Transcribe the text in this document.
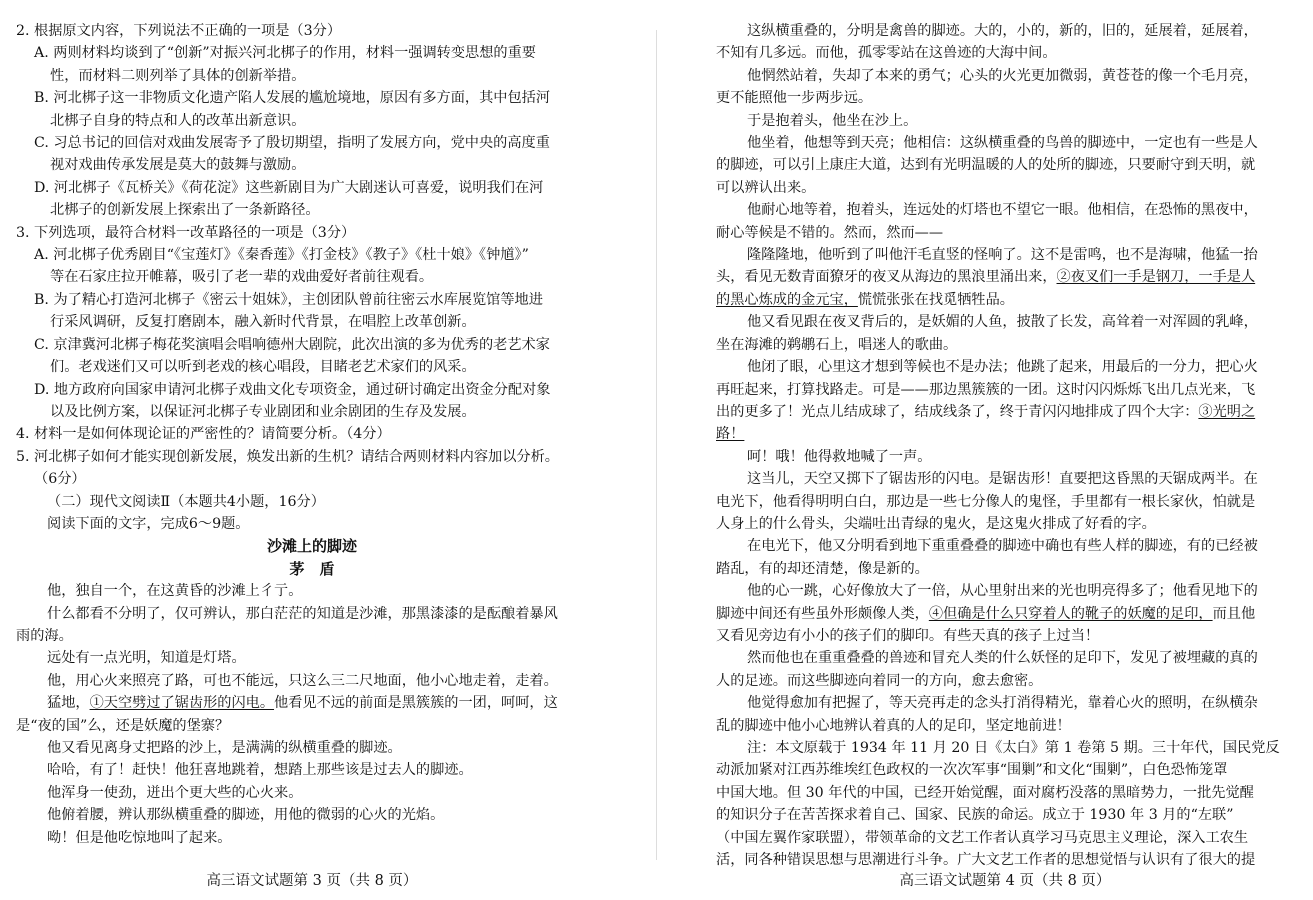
2. 根据原文内容，下列说法不正确的一项是（3分）
A. 两则材料均谈到了“创新”对振兴河北梆子的作用，材料一强调转变思想的重要
性，而材料二则列举了具体的创新举措。
B. 河北梆子这一非物质文化遗产陷人发展的尴尬境地，原因有多方面，其中包括河
北梆子自身的特点和人的改革出新意识。
C. 习总书记的回信对戏曲发展寄予了殷切期望，指明了发展方向，党中央的高度重
视对戏曲传承发展是莫大的鼓舞与激励。
D. 河北梆子《瓦桥关》《荷花淀》这些新剧目为广大剧迷认可喜爱，说明我们在河
北梆子的创新发展上探索出了一条新路径。
3. 下列选项，最符合材料一改革路径的一项是（3分）
A. 河北梆子优秀剧目“《宝莲灯》《秦香莲》《打金枝》《教子》《杜十娘》《钟馗》”
等在石家庄拉开帷幕，吸引了老一辈的戏曲爱好者前往观看。
B. 为了精心打造河北梆子《密云十姐妹》，主创团队曾前往密云水库展览馆等地进
行采风调研，反复打磨剧本，融入新时代背景，在唱腔上改革创新。
C. 京津冀河北梆子梅花奖演唱会唱响德州大剧院，此次出演的多为优秀的老艺术家
们。老戏迷们又可以听到老戏的核心唱段，目睹老艺术家们的风采。
D. 地方政府向国家申请河北梆子戏曲文化专项资金，通过研讨确定出资金分配对象
以及比例方案，以保证河北梆子专业剧团和业余剧团的生存及发展。
4. 材料一是如何体现论证的严密性的？请简要分析。（4分）
5. 河北梆子如何才能实现创新发展，焕发出新的生机？请结合两则材料内容加以分析。
（6分）
（二）现代文阅读Ⅱ（本题共4小题，16分）
阅读下面的文字，完成6～9题。
沙滩上的脚迹
茅　盾
他，独自一个，在这黄昏的沙滩上彳亍。
什么都看不分明了，仅可辨认，那白茫茫的知道是沙滩，那黑漆漆的是酝酿着暴风
雨的海。
远处有一点光明，知道是灯塔。
他，用心火来照亮了路，可也不能远，只这么三二尺地面，他小心地走着，走着。
猛地，①天空劈过了锯齿形的闪电。他看见不远的前面是黑簇簇的一团，呵呵，这
是“夜的国”么，还是妖魔的堡寨？
他又看见离身丈把路的沙上，是满满的纵横重叠的脚迹。
哈哈，有了！赶快！他狂喜地跳着，想踏上那些该是过去人的脚迹。
他浑身一使劲，迸出个更大些的心火来。
他俯着腰，辨认那纵横重叠的脚迹，用他的微弱的心火的光焰。
呦！但是他吃惊地叫了起来。
高三语文试题第 3 页（共 8 页）
这纵横重叠的，分明是禽兽的脚迹。大的，小的，新的，旧的，延展着，延展着，
不知有几多远。而他，孤零零站在这兽迹的大海中间。
他惘然站着，失却了本来的勇气；心头的火光更加微弱，黄苍苍的像一个毛月亮，
更不能照他一步两步远。
于是抱着头，他坐在沙上。
他坐着，他想等到天亮；他相信：这纵横重叠的鸟兽的脚迹中，一定也有一些是人
的脚迹，可以引上康庄大道，达到有光明温暖的人的处所的脚迹，只要耐守到天明，就
可以辨认出来。
他耐心地等着，抱着头，连远处的灯塔也不望它一眼。他相信，在恐怖的黑夜中，
耐心等候是不错的。然而，然而——
隆隆隆地，他听到了叫他汗毛直竖的怪响了。这不是雷鸣，也不是海啸，他猛一抬
头，看见无数青面獠牙的夜叉从海边的黑浪里涌出来，②夜叉们一手是钢刀，一手是人
的黑心炼成的金元宝，慌慌张张在找觅牺牲品。
他又看见跟在夜叉背后的，是妖媚的人鱼，披散了长发，高耸着一对浑圆的乳峰，
坐在海滩的鹈鹕石上，唱迷人的歌曲。
他闭了眼，心里这才想到等候也不是办法；他跳了起来，用最后的一分力，把心火
再旺起来，打算找路走。可是——那边黑簇簇的一团。这时闪闪烁烁飞出几点光来，飞
出的更多了！光点儿结成球了，结成线条了，终于青闪闪地排成了四个大字：③光明之
路！
呵！哦！他得救地喊了一声。
这当儿，天空又掷下了锯齿形的闪电。是锯齿形！直要把这昏黑的天锯成两半。在
电光下，他看得明明白白，那边是一些七分像人的鬼怪，手里都有一根长家伙，怕就是
人身上的什么骨头，尖端吐出青绿的鬼火，是这鬼火排成了好看的字。
在电光下，他又分明看到地下重重叠叠的脚迹中确也有些人样的脚迹，有的已经被
踏乱，有的却还清楚，像是新的。
他的心一跳，心好像放大了一倍，从心里射出来的光也明亮得多了；他看见地下的
脚迹中间还有些虽外形颇像人类，④但确是什么只穿着人的靴子的妖魔的足印，而且他
又看见旁边有小小的孩子们的脚印。有些天真的孩子上过当！
然而他也在重重叠叠的兽迹和冒充人类的什么妖怪的足印下，发见了被埋藏的真的
人的足迹。而这些脚迹向着同一的方向，愈去愈密。
他觉得愈加有把握了，等天亮再走的念头打消得精光，靠着心火的照明，在纵横杂
乱的脚迹中他小心地辨认着真的人的足印，坚定地前进！
注：本文原载于 1934 年 11 月 20 日《太白》第 1 卷第 5 期。三十年代，国民党反
动派加紧对江西苏维埃红色政权的一次次军事“围剿”和文化“围剿”，白色恐怖笼罩
中国大地。但 30 年代的中国，已经开始觉醒，面对腐朽没落的黑暗势力，一批先觉醒
的知识分子在苦苦探求着自己、国家、民族的命运。成立于 1930 年 3 月的“左联”
（中国左翼作家联盟），带领革命的文艺工作者认真学习马克思主义理论，深入工农生
活，同各种错误思想与思潮进行斗争。广大文艺工作者的思想觉悟与认识有了很大的提
高三语文试题第 4 页（共 8 页）
